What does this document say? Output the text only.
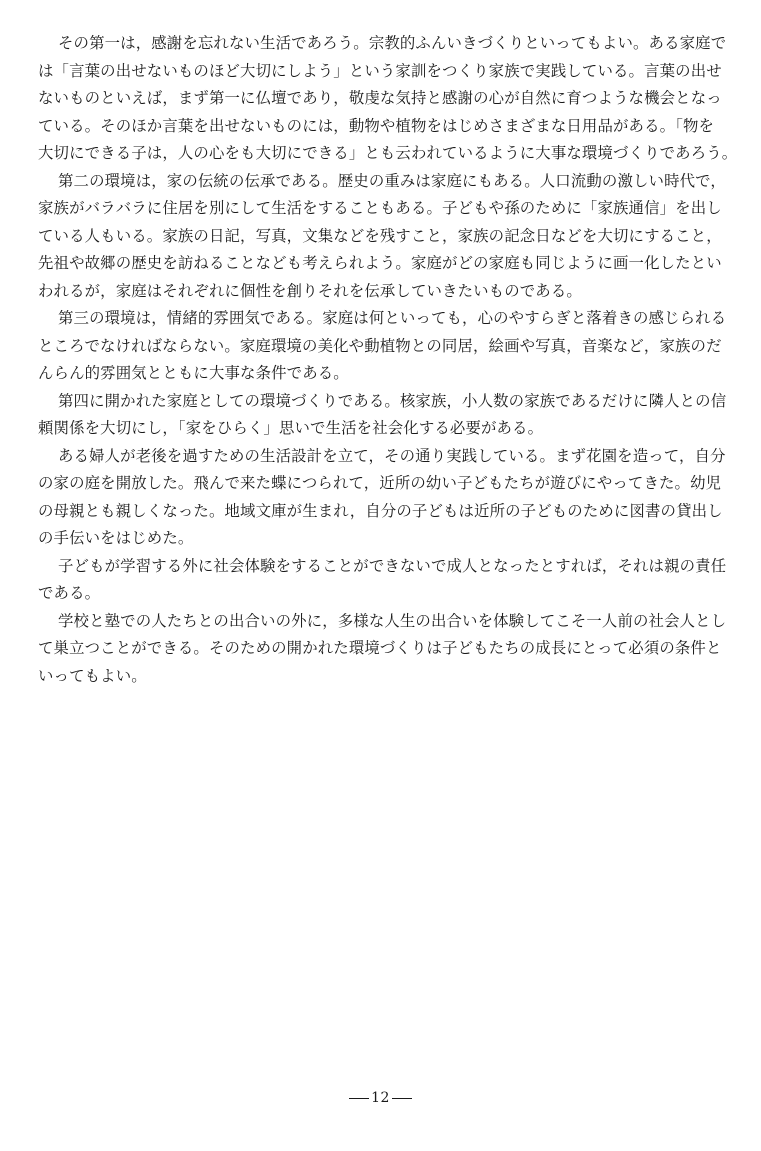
その第一は，感謝を忘れない生活であろう。宗教的ふんいきづくりといってもよい。ある家庭で
は「言葉の出せないものほど大切にしよう」という家訓をつくり家族で実践している。言葉の出せ
ないものといえば，まず第一に仏壇であり，敬虔な気持と感謝の心が自然に育つような機会となっ
ている。そのほか言葉を出せないものには，動物や植物をはじめさまざまな日用品がある。「物を
大切にできる子は，人の心をも大切にできる」とも云われているように大事な環境づくりであろう。
第二の環境は，家の伝統の伝承である。歴史の重みは家庭にもある。人口流動の激しい時代で，
家族がバラバラに住居を別にして生活をすることもある。子どもや孫のために「家族通信」を出し
ている人もいる。家族の日記，写真，文集などを残すこと，家族の記念日などを大切にすること，
先祖や故郷の歴史を訪ねることなども考えられよう。家庭がどの家庭も同じように画一化したとい
われるが，家庭はそれぞれに個性を創りそれを伝承していきたいものである。
第三の環境は，情緒的雰囲気である。家庭は何といっても，心のやすらぎと落着きの感じられる
ところでなければならない。家庭環境の美化や動植物との同居，絵画や写真，音楽など，家族のだ
んらん的雰囲気とともに大事な条件である。
第四に開かれた家庭としての環境づくりである。核家族，小人数の家族であるだけに隣人との信
頼関係を大切にし，「家をひらく」思いで生活を社会化する必要がある。
ある婦人が老後を過すための生活設計を立て，その通り実践している。まず花園を造って，自分
の家の庭を開放した。飛んで来た蝶につられて，近所の幼い子どもたちが遊びにやってきた。幼児
の母親とも親しくなった。地域文庫が生まれ，自分の子どもは近所の子どものために図書の貸出し
の手伝いをはじめた。
子どもが学習する外に社会体験をすることができないで成人となったとすれば，それは親の責任
である。
学校と塾での人たちとの出合いの外に，多様な人生の出合いを体験してこそ一人前の社会人とし
て巣立つことができる。そのための開かれた環境づくりは子どもたちの成長にとって必須の条件と
いってもよい。
12
